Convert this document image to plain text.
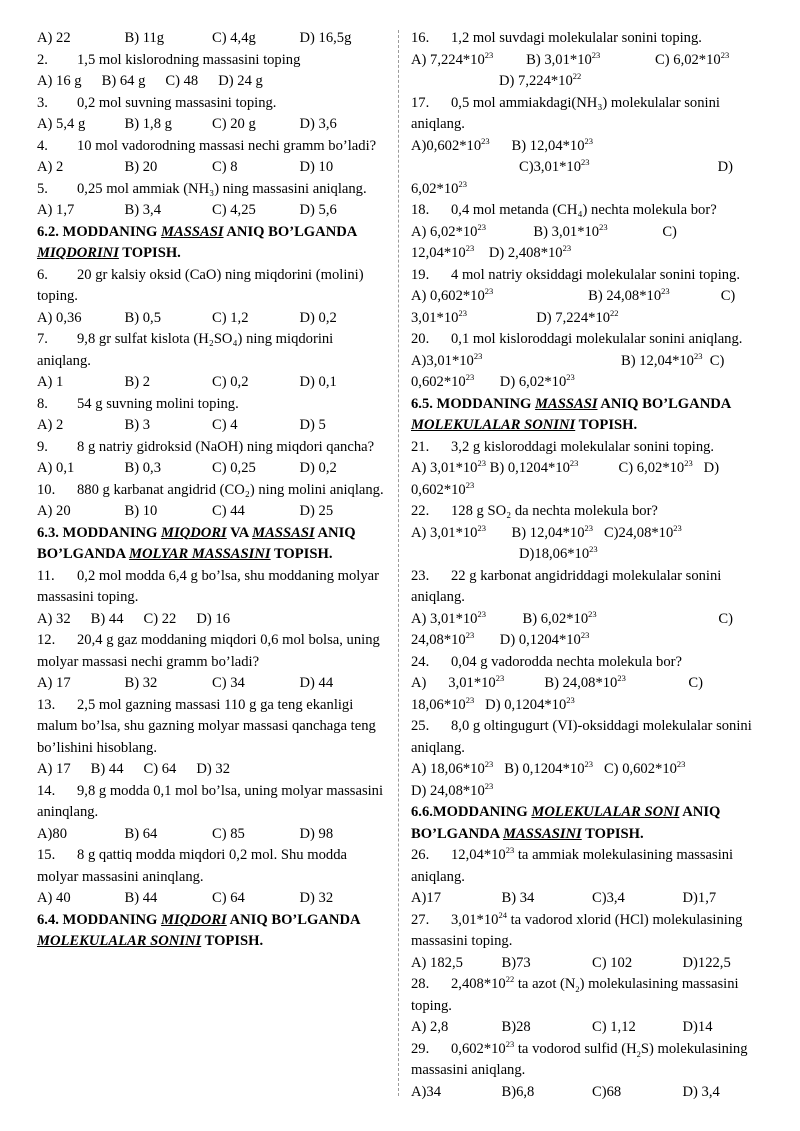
A) 22	B) 11g	C) 4,4g	D) 16,5g

2. 1,5 mol kislorodning massasini toping

A) 16 g B) 64 g C) 48 D) 24 g

3. 0,2 mol suvning massasini toping.

A) 5,4 g	B) 1,8 g	C) 20 g	D) 3,6

4. 10 mol vadorodning massasi nechi gramm bo’ladi?

A) 2	B) 20	C) 8	D) 10

5. 0,25 mol ammiak (NH₃) ning massasini aniqlang.

A) 1,7	B) 3,4	C) 4,25	D) 5,6

6.2. MODDANING MASSASI ANIQ BO’LGANDA MIQDORINI TOPISH.

6. 20 gr kalsiy oksid (CaO) ning miqdorini (molini) toping.

A) 0,36	B) 0,5	C) 1,2	D) 0,2

7. 9,8 gr sulfat kislota (H₂SO₄) ning miqdorini aniqlang.

A) 1	B) 2	C) 0,2	D) 0,1

8. 54 g suvning molini toping.

A) 2	B) 3	C) 4	D) 5

9. 8 g natriy gidroksid (NaOH) ning miqdori qancha?

A) 0,1	B) 0,3	C) 0,25	D) 0,2

10. 880 g karbanat angidrid (CO₂) ning molini aniqlang.

A) 20	B) 10	C) 44	D) 25

6.3. MODDANING MIQDORI VA MASSASI ANIQ BO’LGANDA MOLYAR MASSASINI TOPISH.

11. 0,2 mol modda 6,4 g bo’lsa, shu moddaning molyar massasini toping.

A) 32 B) 44 C) 22 D) 16

12. 20,4 g gaz moddaning miqdori 0,6 mol bolsa, uning molyar massasi nechi gramm bo’ladi?

A) 17	B) 32	C) 34	D) 44

13. 2,5 mol gazning massasi 110 g ga teng ekanligi malum bo’lsa, shu gazning molyar massasi qanchaga teng bo’lishini hisoblang.

A) 17 B) 44 C) 64 D) 32

14. 9,8 g modda 0,1 mol bo’lsa, uning molyar massasini aninqlang.

A)80	B) 64	C) 85	D) 98

15. 8 g qattiq modda miqdori 0,2 mol. Shu modda molyar massasini aninqlang.

A) 40	B) 44	C) 64	D) 32

6.4. MODDANING MIQDORI ANIQ BO’LGANDA MOLEKULALAR SONINI TOPISH.

16. 1,2 mol suvdagi molekulalar sonini toping.

A) $7,224*10^{23}$         B) $3,01*10^{23}$               C) $6,02*10^{23}$

D) $7,224*10^{22}$

17. 0,5 mol ammiakdagi(NH₃) molekulalar sonini aniqlang.

$A)0,602*10^{23}$      B) $12,04*10^{23}$

$C)3,01*10^{23}$	D)

$6,02*10^{23}$

18. 0,4 mol metanda (CH₄) nechta molekula bor?

A) $6,02*10^{23}$             B) $3,01*10^{23}$               C)

$12,04*10^{23}$    D) $2,408*10^{23}$

19. 4 mol natriy oksiddagi molekulalar sonini toping.

A) $0,602*10^{23}$                          B) $24,08*10^{23}$              C)

$3,01*10^{23}$                   D) $7,224*10^{22}$

20. 0,1 mol kisloroddagi molekulalar sonini aniqlang.

$A)3,01*10^{23}$                                      B) $12,04*10^{23}$  C)

$0,602*10^{23}$       D) $6,02*10^{23}$

6.5. MODDANING MASSASI ANIQ BO’LGANDA MOLEKULALAR SONINI TOPISH.

21. 3,2 g kisloroddagi molekulalar sonini toping.

A) $3,01*10^{23}$ B) $0,1204*10^{23}$           C) $6,02*10^{23}$   D)

$0,602*10^{23}$

22. 128 g SO₂ da nechta molekula bor?

A) $3,01*10^{23}$       B) $12,04*10^{23}$   $C)24,08*10^{23}$

$D)18,06*10^{23}$

23. 22 g karbonat angidriddagi molekulalar sonini aniqlang.

A) $3,01*10^{23}$          B) $6,02*10^{23}$	C)

$24,08*10^{23}$       D) $0,1204*10^{23}$

24. 0,04 g vadorodda nechta molekula bor?

A)      $3,01*10^{23}$           B) $24,08*10^{23}$	C)

$18,06*10^{23}$   D) $0,1204*10^{23}$

25. 8,0 g oltingugurt (VI)-oksiddagi molekulalar sonini aniqlang.

A) $18,06*10^{23}$   B) $0,1204*10^{23}$   C) $0,602*10^{23}$

D) $24,08*10^{23}$

6.6.MODDANING MOLEKULALAR SONI ANIQ BO’LGANDA MASSASINI TOPISH.

26. $12,04*10^{23}$ ta ammiak molekulasining massasini aniqlang.

A)17	B) 34	C)3,4	D)1,7

27. $3,01*10^{24}$ ta vadorod xlorid (HCl) molekulasining massasini toping.

A) 182,5	B)73	C) 102	D)122,5

28. $2,408*10^{22}$ ta azot $(N_2)$ molekulasining massasini toping.

A) 2,8	B)28	C) 1,12	D)14

29. $0,602*10^{23}$ ta vodorod sulfid $(H_2S)$ molekulasining massasini aniqlang.

A)34	B)6,8	C)68	D) 3,4
